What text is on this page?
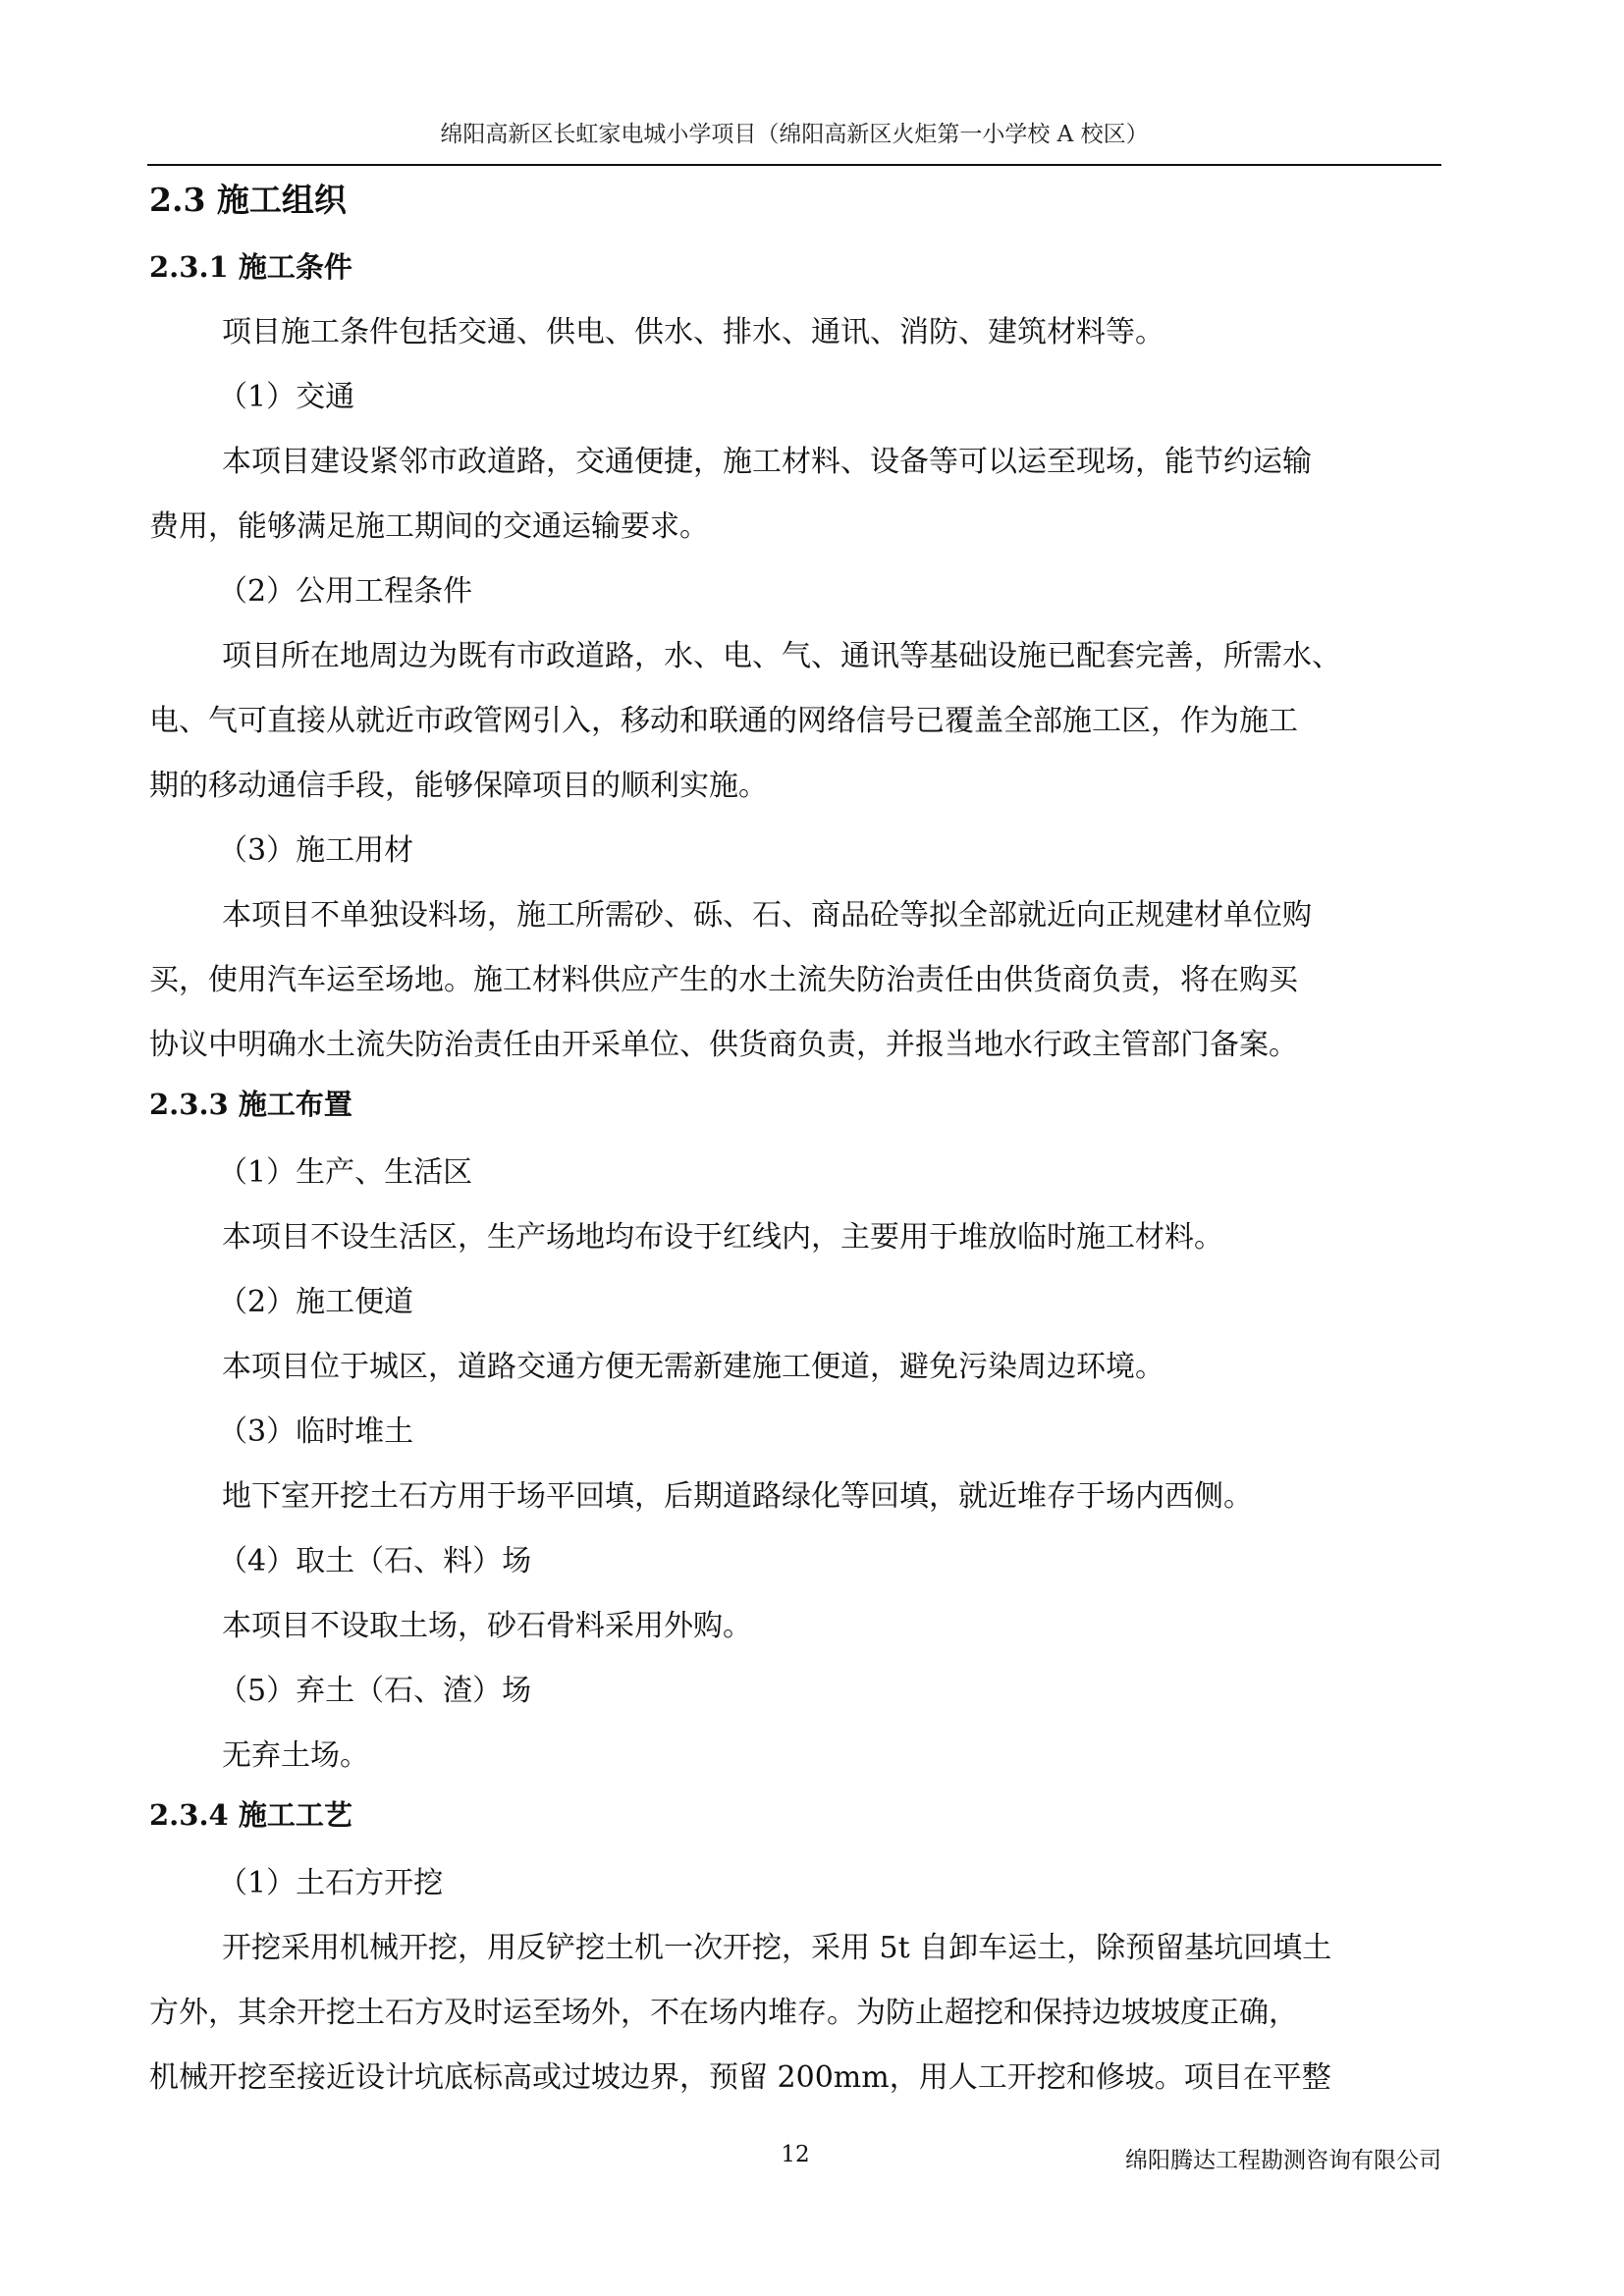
绵阳高新区长虹家电城小学项目（绵阳高新区火炬第一小学校 A 校区）
2.3 施工组织
2.3.1 施工条件
项目施工条件包括交通、供电、供水、排水、通讯、消防、建筑材料等。
（1）交通
本项目建设紧邻市政道路，交通便捷，施工材料、设备等可以运至现场，能节约运输
费用，能够满足施工期间的交通运输要求。
（2）公用工程条件
项目所在地周边为既有市政道路，水、电、气、通讯等基础设施已配套完善，所需水、
电、气可直接从就近市政管网引入，移动和联通的网络信号已覆盖全部施工区，作为施工
期的移动通信手段，能够保障项目的顺利实施。
（3）施工用材
本项目不单独设料场，施工所需砂、砾、石、商品砼等拟全部就近向正规建材单位购
买，使用汽车运至场地。施工材料供应产生的水土流失防治责任由供货商负责，将在购买
协议中明确水土流失防治责任由开采单位、供货商负责，并报当地水行政主管部门备案。
2.3.3 施工布置
（1）生产、生活区
本项目不设生活区，生产场地均布设于红线内，主要用于堆放临时施工材料。
（2）施工便道
本项目位于城区，道路交通方便无需新建施工便道，避免污染周边环境。
（3）临时堆土
地下室开挖土石方用于场平回填，后期道路绿化等回填，就近堆存于场内西侧。
（4）取土（石、料）场
本项目不设取土场，砂石骨料采用外购。
（5）弃土（石、渣）场
无弃土场。
2.3.4 施工工艺
（1）土石方开挖
开挖采用机械开挖，用反铲挖土机一次开挖，采用 5t 自卸车运土，除预留基坑回填土
方外，其余开挖土石方及时运至场外，不在场内堆存。为防止超挖和保持边坡坡度正确，
机械开挖至接近设计坑底标高或过坡边界，预留 200mm，用人工开挖和修坡。项目在平整
12	绵阳腾达工程勘测咨询有限公司
